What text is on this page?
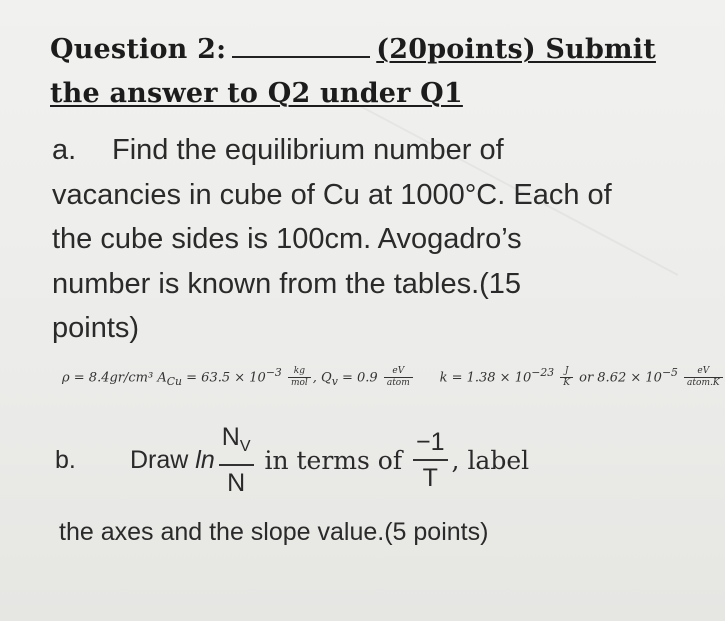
Question 2:	(20points) Submit
the answer to Q2 under Q1
a. Find the equilibrium number of
vacancies in cube of Cu at 1000°C. Each of
the cube sides is 100cm. Avogadro’s
number is known from the tables.(15
points)
ρ = 8.4gr/cm³ $A_{Cu} = 63.5 \times 10^{-3} \frac{kg}{\text{mol}}$ , $Q_v = 0.9 \frac{eV}{\text{atom}}$ $k = 1.38 \times 10^{-23} \frac{J}{K}$ or $8.62 \times 10^{-5} \frac{eV}{\text{atom.K}}$
b.	Draw
$\ln \frac{N_V}{N}$
in terms of
$\frac{-1}{T}$ , label
the axes and the slope value.(5 points)
